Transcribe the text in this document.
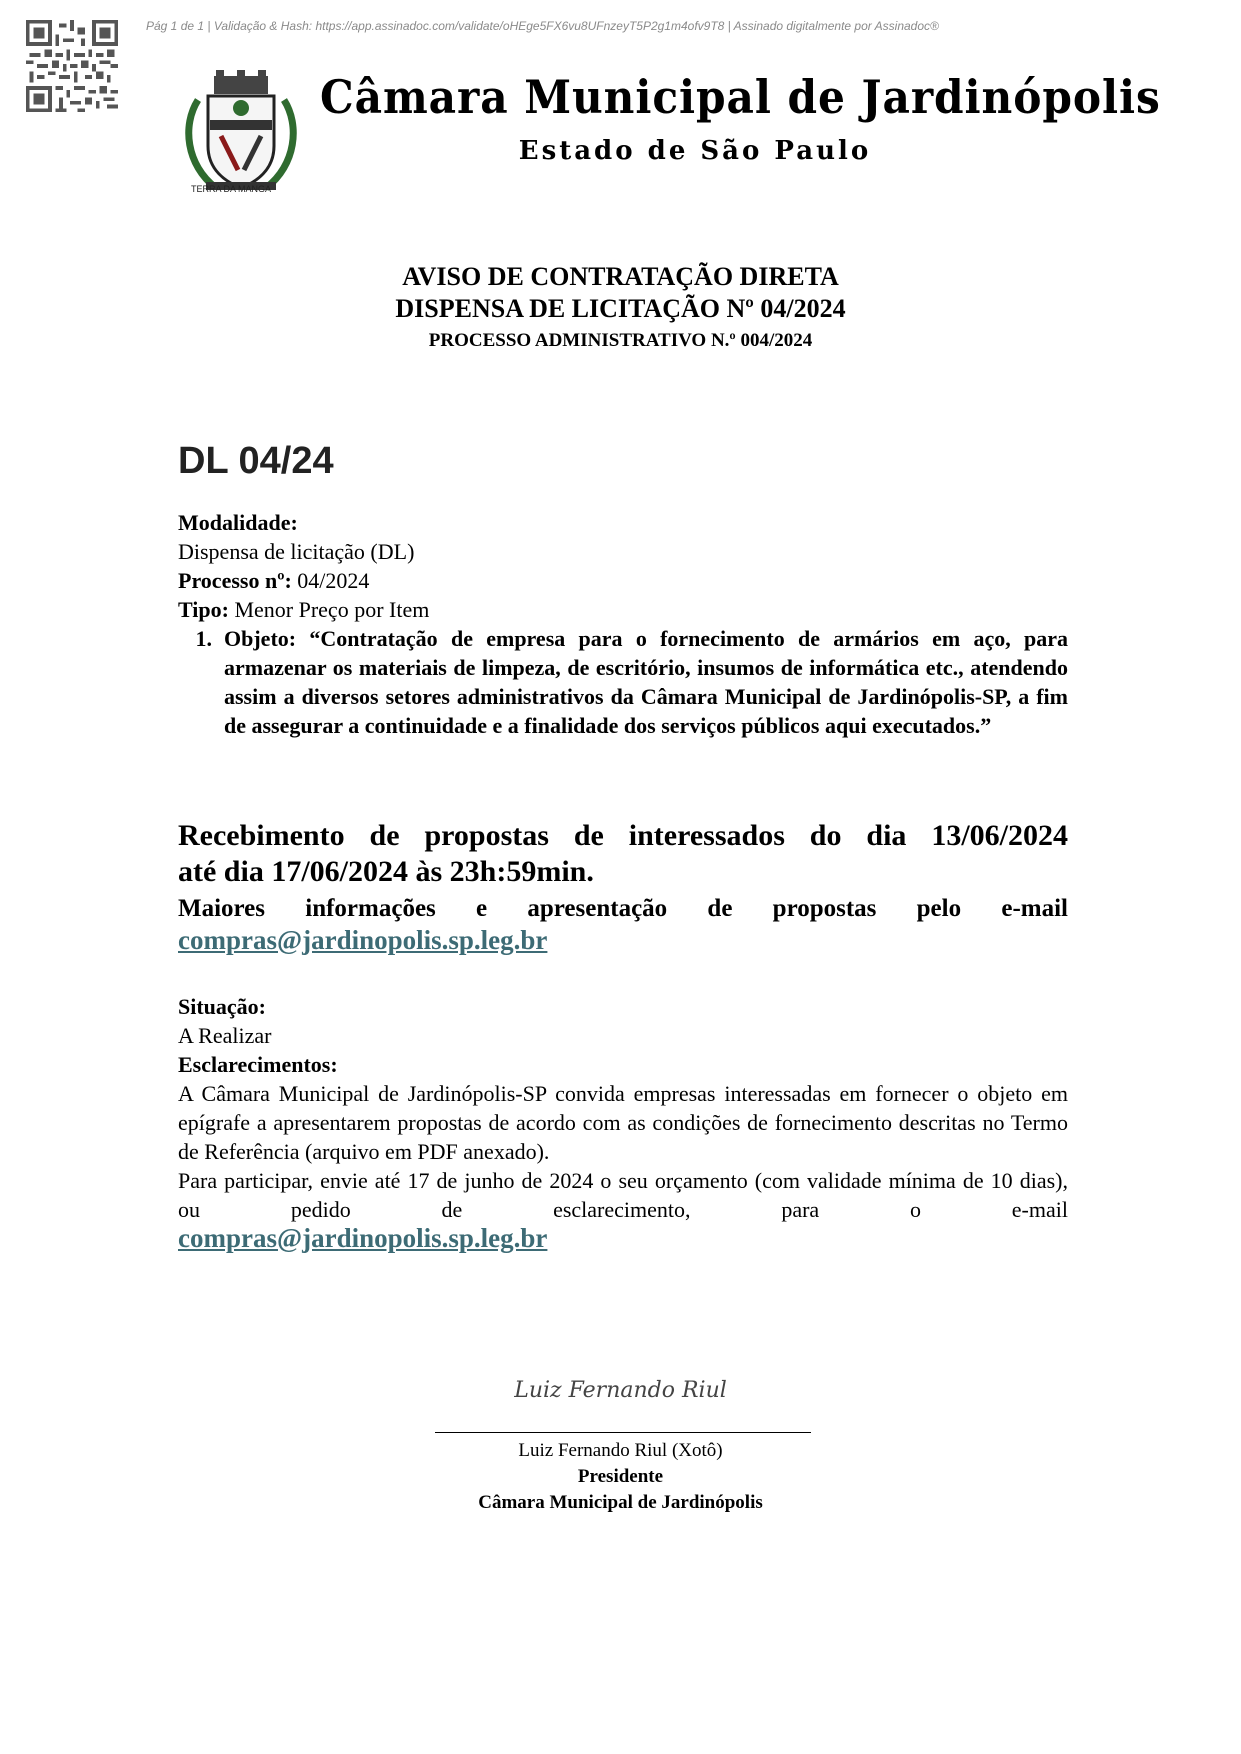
Pág 1 de 1 | Validação & Hash: https://app.assinadoc.com/validate/oHEge5FX6vu8UFnzeyT5P2g1m4ofv9T8 | Assinado digitalmente por Assinadoc®
TERRA DA MANGA
Câmara Municipal de Jardinópolis
Estado de São Paulo
AVISO DE CONTRATAÇÃO DIRETA
DISPENSA DE LICITAÇÃO Nº 04/2024
PROCESSO ADMINISTRATIVO N.º 004/2024
DL 04/24
Modalidade:
Dispensa de licitação (DL)
Processo nº: 04/2024
Tipo: Menor Preço por Item
1. Objeto: “Contratação de empresa para o fornecimento de armários em aço, para armazenar os materiais de limpeza, de escritório, insumos de informática etc., atendendo assim a diversos setores administrativos da Câmara Municipal de Jardinópolis-SP, a fim de assegurar a continuidade e a finalidade dos serviços públicos aqui executados.”
Recebimento de propostas de interessados do dia 13/06/2024
até dia 17/06/2024 às 23h:59min.
Maiores informações e apresentação de propostas pelo e-mail
compras@jardinopolis.sp.leg.br
Situação:
A Realizar
Esclarecimentos:
A Câmara Municipal de Jardinópolis-SP convida empresas interessadas em fornecer o objeto em epígrafe a apresentarem propostas de acordo com as condições de fornecimento descritas no Termo de Referência (arquivo em PDF anexado).
Para participar, envie até 17 de junho de 2024 o seu orçamento (com validade mínima de 10 dias), ou pedido de esclarecimento, para o e-mail
compras@jardinopolis.sp.leg.br
Luiz Fernando Riul
Luiz Fernando Riul (Xotô)
Presidente
Câmara Municipal de Jardinópolis
